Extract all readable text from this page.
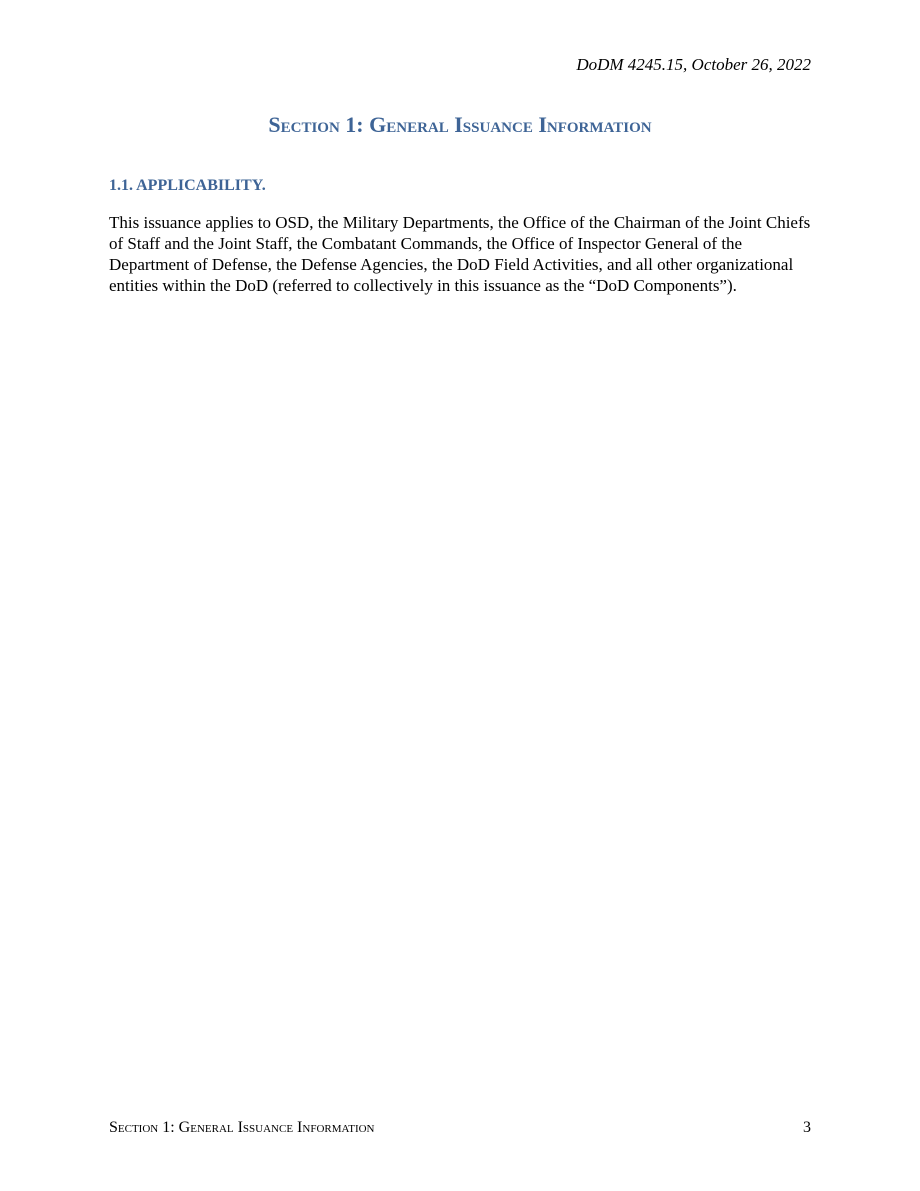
DoDM 4245.15, October 26, 2022
Section 1: General Issuance Information
1.1. APPLICABILITY.
This issuance applies to OSD, the Military Departments, the Office of the Chairman of the Joint Chiefs of Staff and the Joint Staff, the Combatant Commands, the Office of Inspector General of the Department of Defense, the Defense Agencies, the DoD Field Activities, and all other organizational entities within the DoD (referred to collectively in this issuance as the “DoD Components”).
Section 1: General Issuance Information	3
